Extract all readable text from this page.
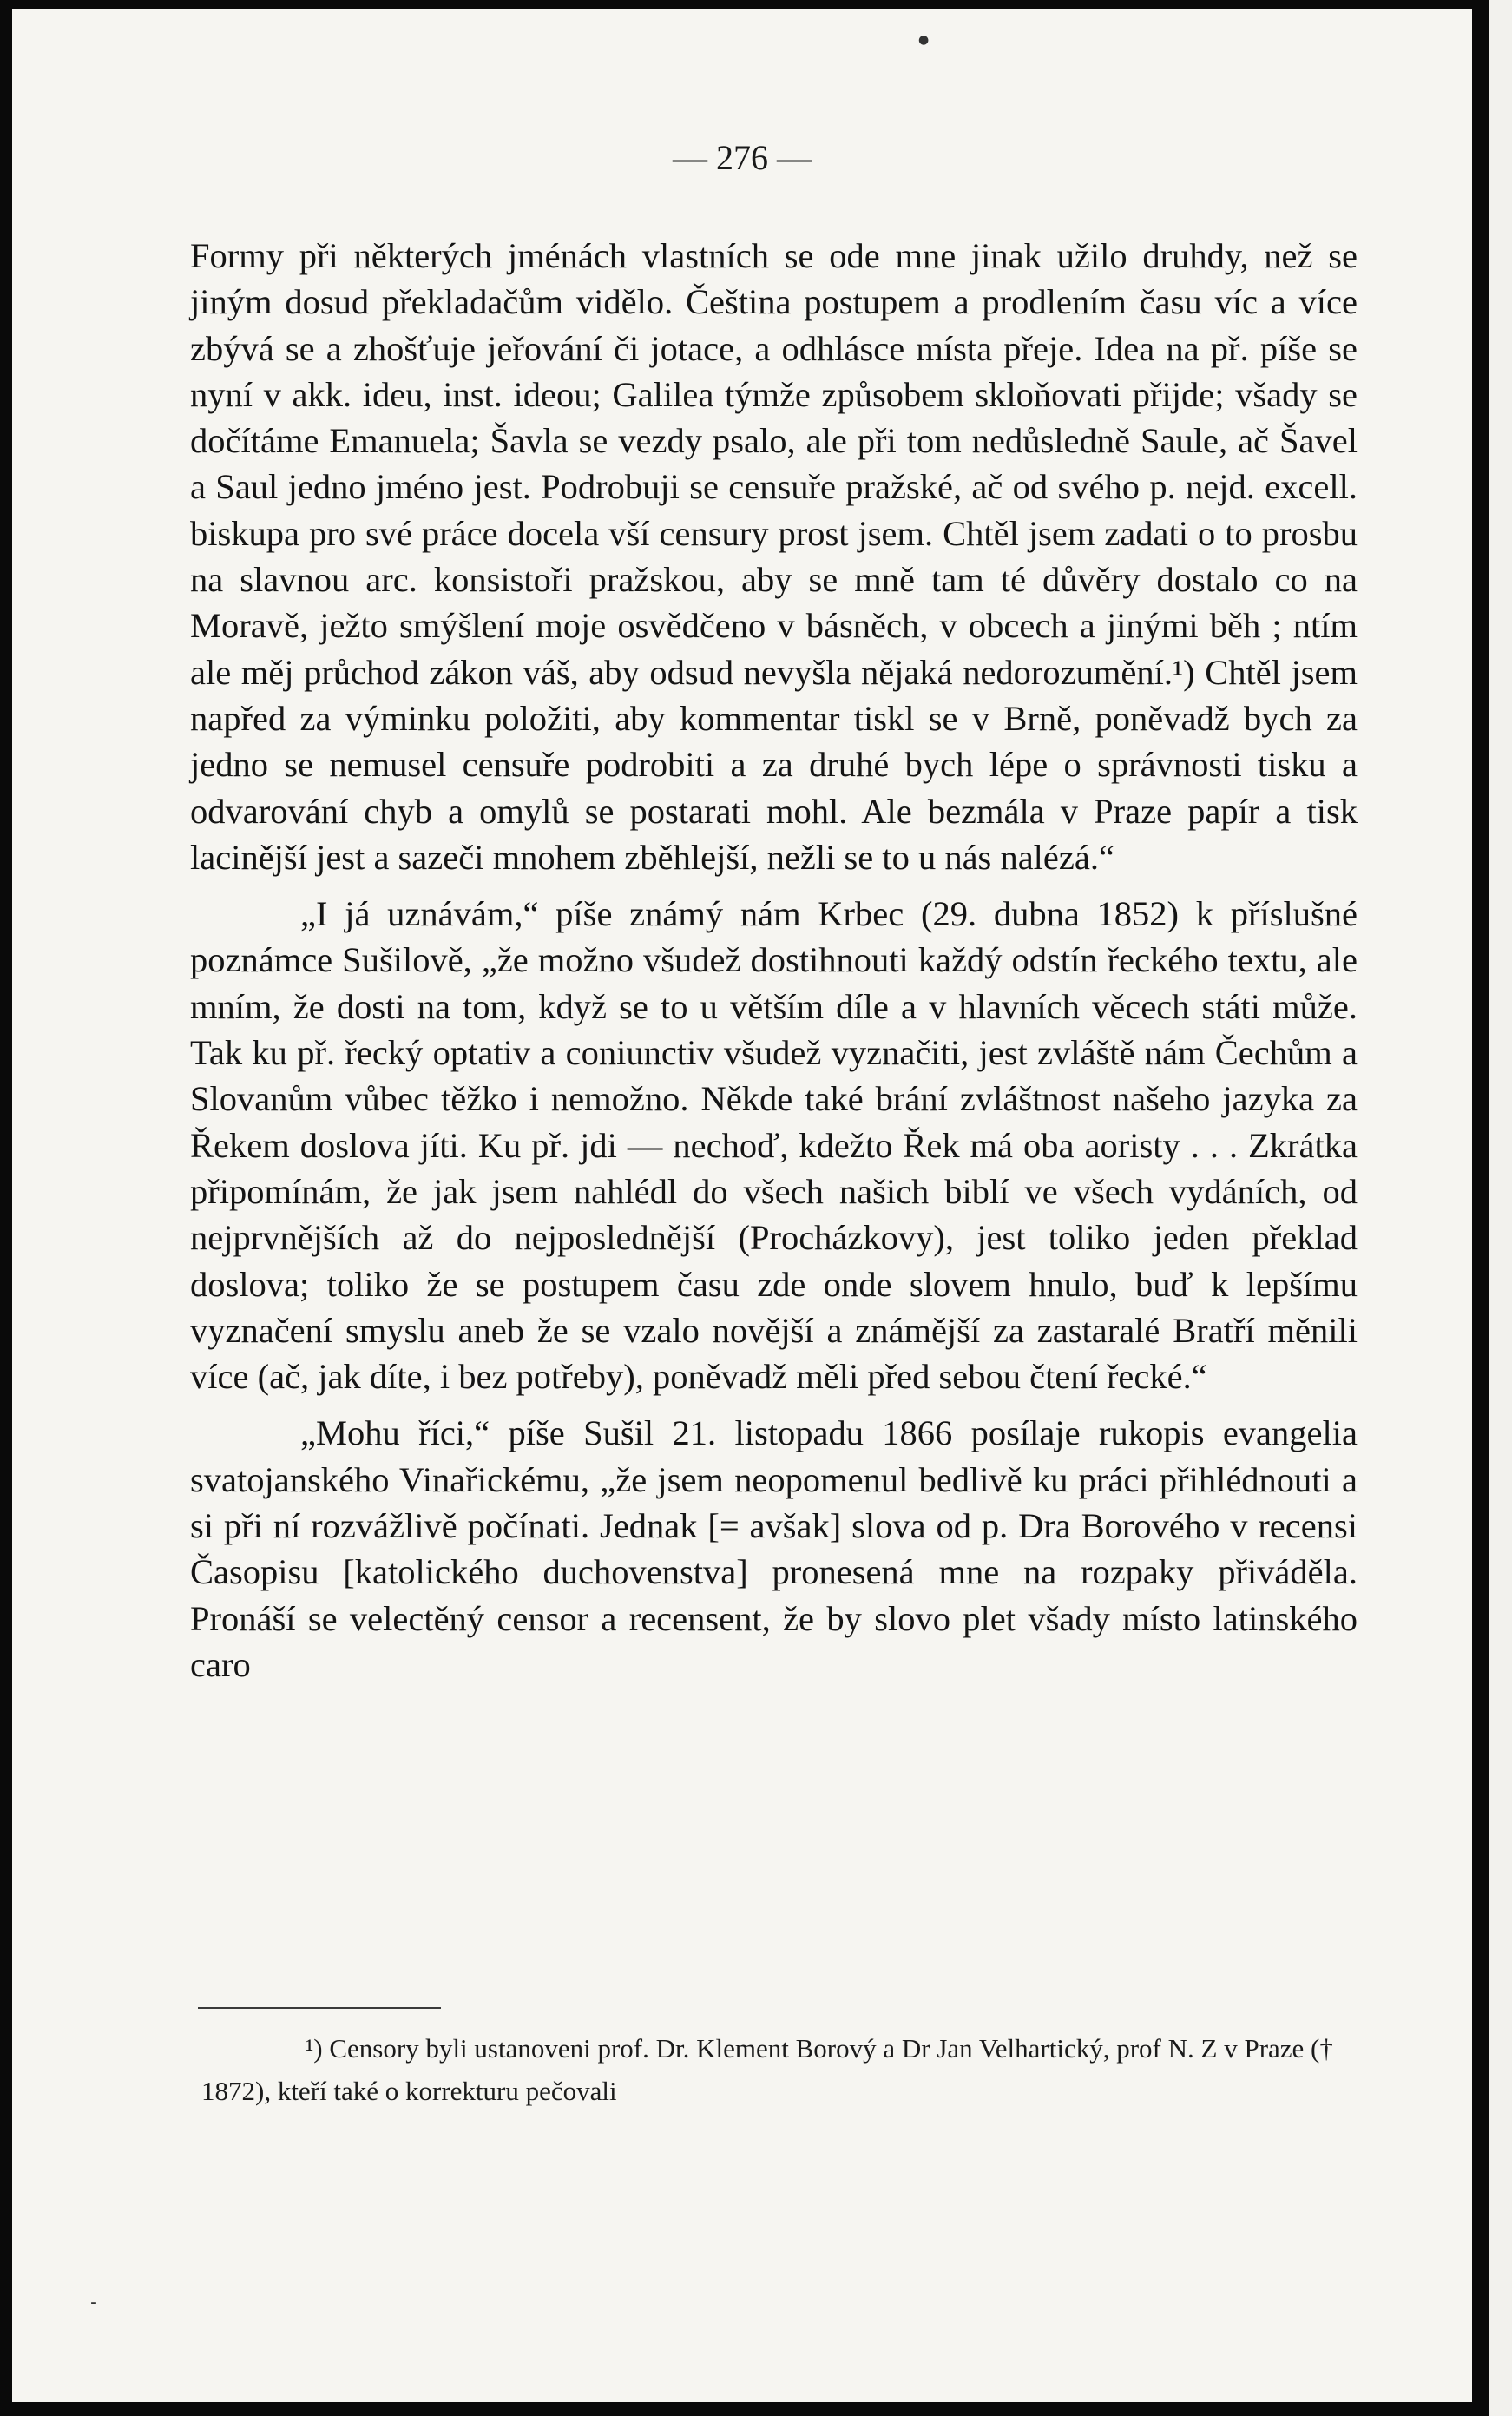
— 276 —

Formy při některých jménách vlastních se ode mne jinak užilo druhdy, než se jiným dosud překladačům vidělo. Čeština postupem a prodlením času víc a více zbývá se a zhošťuje jeřování či jotace, a odhlásce místa přeje. Idea na př. píše se nyní v akk. ideu, inst. ideou; Galilea týmže způsobem skloňovati přijde; všady se dočítáme Emanuela; Šavla se vezdy psalo, ale při tom nedůsledně Saule, ač Šavel a Saul jedno jméno jest. Podrobuji se censuře pražské, ač od svého p. nejd. excell. biskupa pro své práce docela vší censury prost jsem. Chtěl jsem zadati o to prosbu na slavnou arc. konsistoři pražskou, aby se mně tam té důvěry dostalo co na Moravě, ježto smýšlení moje osvědčeno v básněch, v obcech a jinými běh ; ntím ale měj průchod zákon váš, aby odsud nevyšla nějaká nedorozumění.¹) Chtěl jsem napřed za výminku položiti, aby kommentar tiskl se v Brně, poněvadž bych za jedno se nemusel censuře podrobiti a za druhé bych lépe o správnosti tisku a odvarování chyb a omylů se postarati mohl. Ale bezmála v Praze papír a tisk lacinější jest a sazeči mnohem zběhlejší, nežli se to u nás nalézá.“

„I já uznávám,“ píše známý nám Krbec (29. dubna 1852) k příslušné poznámce Sušilově, „že možno všudež dostihnouti každý odstín řeckého textu, ale mním, že dosti na tom, když se to u větším díle a v hlavních věcech státi může. Tak ku př. řecký optativ a coniunctiv všudež vyznačiti, jest zvláště nám Čechům a Slovanům vůbec těžko i nemožno. Někde také brání zvláštnost našeho jazyka za Řekem doslova jíti. Ku př. jdi — nechoď, kdežto Řek má oba aoristy . . . Zkrátka připomínám, že jak jsem nahlédl do všech našich biblí ve všech vydáních, od nejprvnějších až do nejposlednější (Procházkovy), jest toliko jeden překlad doslova; toliko že se postupem času zde onde slovem hnulo, buď k lepšímu vyznačení smyslu aneb že se vzalo novější a známější za zastaralé Bratří měnili více (ač, jak díte, i bez potřeby), poněvadž měli před sebou čtení řecké.“

„Mohu říci,“ píše Sušil 21. listopadu 1866 posílaje rukopis evangelia svatojanského Vinařickému, „že jsem neopomenul bedlivě ku práci přihlédnouti a si při ní rozvážlivě počínati. Jednak [= avšak] slova od p. Dra Borového v recensi Časopisu [katolického duchovenstva] pronesená mne na rozpaky přiváděla. Pronáší se velectěný censor a recensent, že by slovo plet všady místo latinského caro

¹) Censory byli ustanoveni prof. Dr. Klement Borový a Dr Jan Velhartický, prof N. Z v Praze († 1872), kteří také o korrekturu pečovali

●
-
